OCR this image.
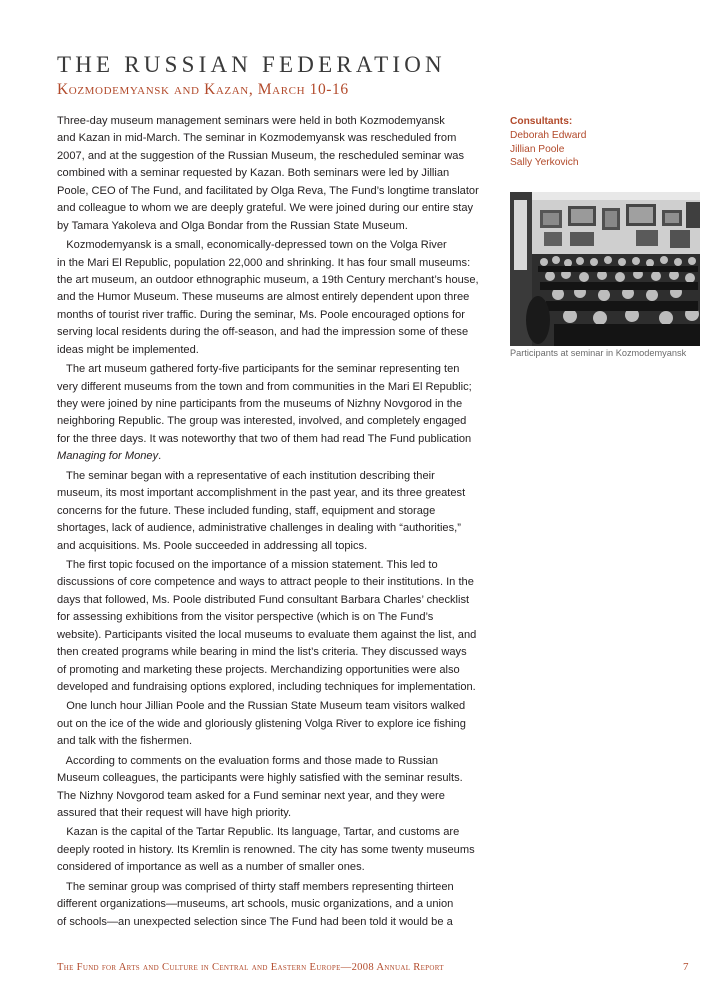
THE RUSSIAN FEDERATION
Kozmodemyansk and Kazan, March 10-16

Three-day museum management seminars were held in both Kozmodemyansk
and Kazan in mid-March. The seminar in Kozmodemyansk was rescheduled from
2007, and at the suggestion of the Russian Museum, the rescheduled seminar was
combined with a seminar requested by Kazan. Both seminars were led by Jillian
Poole, CEO of The Fund, and facilitated by Olga Reva, The Fund’s longtime translator
and colleague to whom we are deeply grateful. We were joined during our entire stay
by Tamara Yakoleva and Olga Bondar from the Russian State Museum.

Kozmodemyansk is a small, economically-depressed town on the Volga River
in the Mari El Republic, population 22,000 and shrinking. It has four small museums:
the art museum, an outdoor ethnographic museum, a 19th Century merchant’s house,
and the Humor Museum. These museums are almost entirely dependent upon three
months of tourist river traffic. During the seminar, Ms. Poole encouraged options for
serving local residents during the off-season, and had the impression some of these
ideas might be implemented.

The art museum gathered forty-five participants for the seminar representing ten
very different museums from the town and from communities in the Mari El Republic;
they were joined by nine participants from the museums of Nizhny Novgorod in the
neighboring Republic. The group was interested, involved, and completely engaged
for the three days. It was noteworthy that two of them had read The Fund publication
Managing for Money.

The seminar began with a representative of each institution describing their
museum, its most important accomplishment in the past year, and its three greatest
concerns for the future. These included funding, staff, equipment and storage
shortages, lack of audience, administrative challenges in dealing with “authorities,”
and acquisitions. Ms. Poole succeeded in addressing all topics.

The first topic focused on the importance of a mission statement. This led to
discussions of core competence and ways to attract people to their institutions. In the
days that followed, Ms. Poole distributed Fund consultant Barbara Charles’ checklist
for assessing exhibitions from the visitor perspective (which is on The Fund’s
website). Participants visited the local museums to evaluate them against the list, and
then created programs while bearing in mind the list’s criteria. They discussed ways
of promoting and marketing these projects. Merchandizing opportunities were also
developed and fundraising options explored, including techniques for implementation.

One lunch hour Jillian Poole and the Russian State Museum team visitors walked
out on the ice of the wide and gloriously glistening Volga River to explore ice fishing
and talk with the fishermen.

According to comments on the evaluation forms and those made to Russian
Museum colleagues, the participants were highly satisfied with the seminar results.
The Nizhny Novgorod team asked for a Fund seminar next year, and they were
assured that their request will have high priority.

Kazan is the capital of the Tartar Republic. Its language, Tartar, and customs are
deeply rooted in history. Its Kremlin is renowned. The city has some twenty museums
considered of importance as well as a number of smaller ones.

The seminar group was comprised of thirty staff members representing thirteen
different organizations—museums, art schools, music organizations, and a union
of schools—an unexpected selection since The Fund had been told it would be a

Consultants:

Deborah Edward
Jillian Poole
Sally Yerkovich
Participants at seminar in Kozmodemyansk
The Fund for Arts and Culture in Central and Eastern Europe—2008 Annual Report	7
